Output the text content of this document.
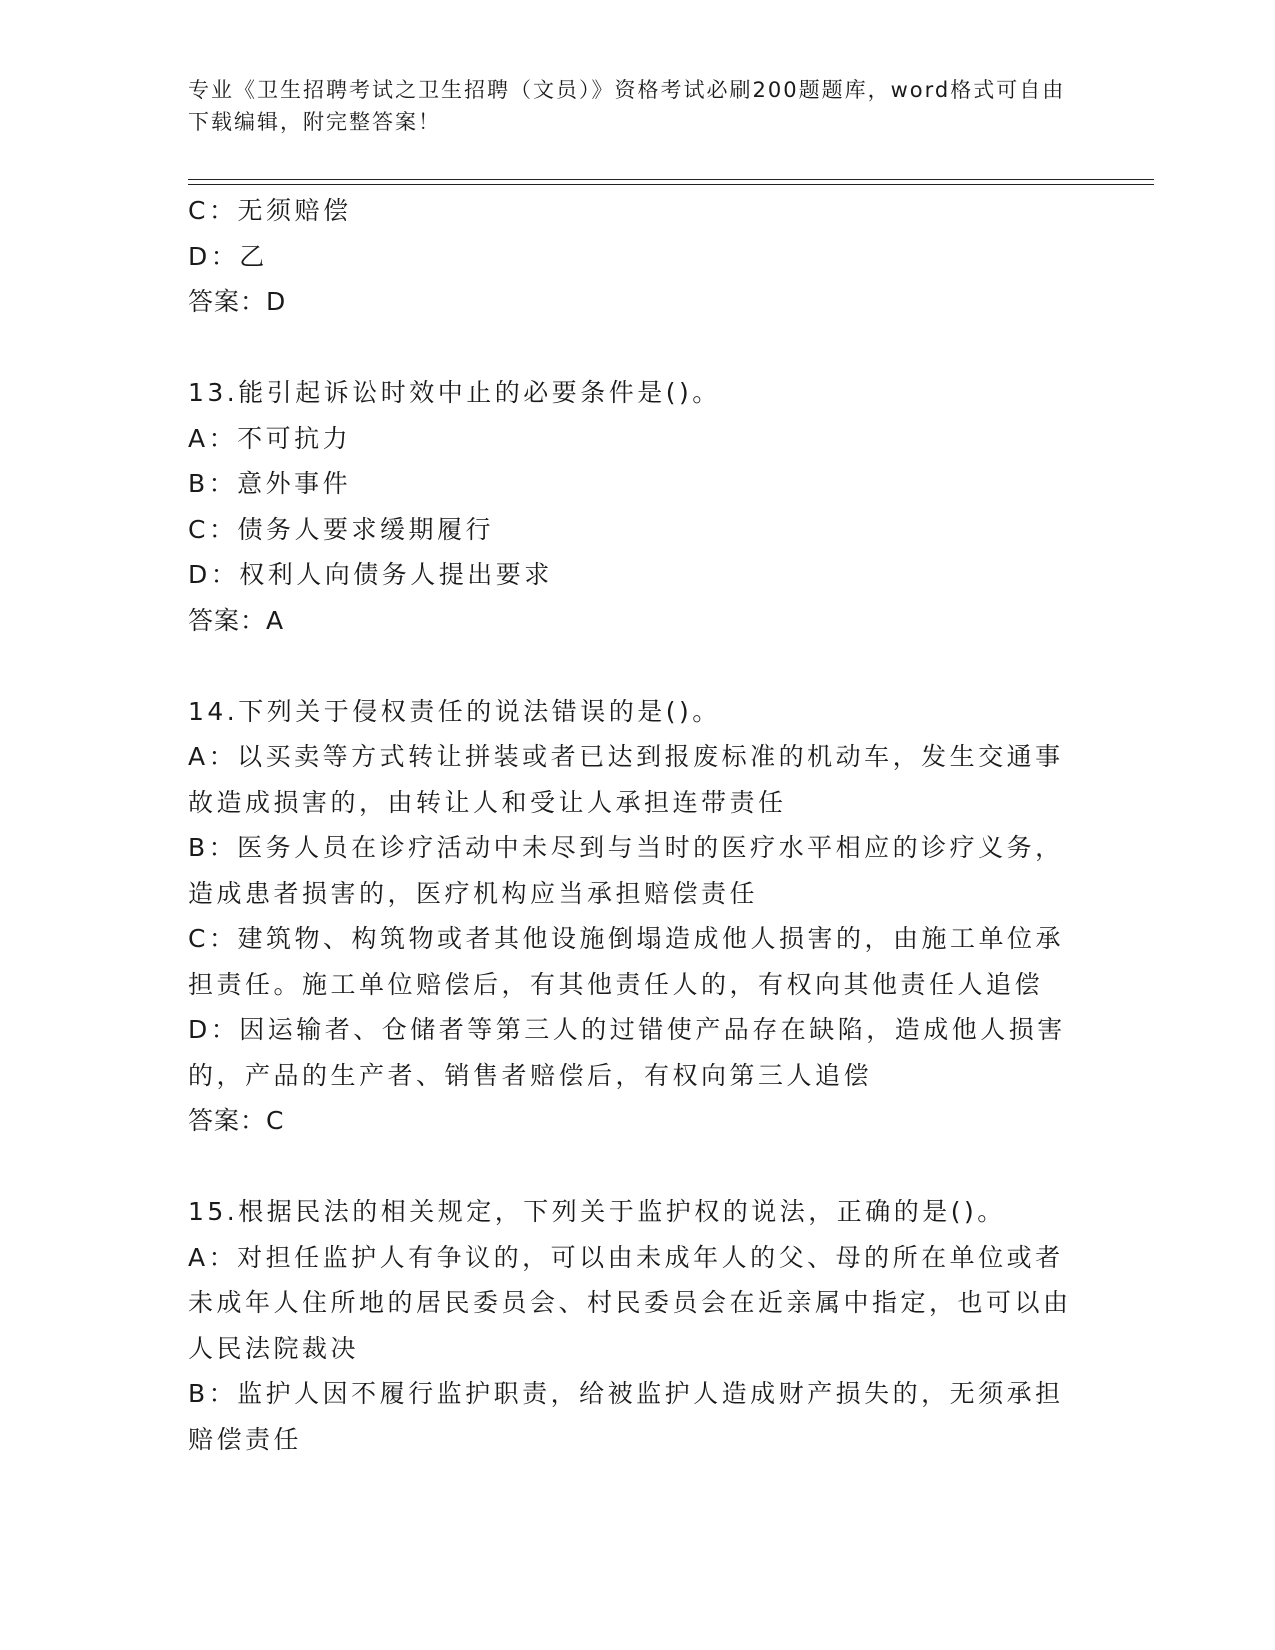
专业《卫生招聘考试之卫生招聘（文员）》资格考试必刷200题题库，word格式可自由下载编辑，附完整答案！

C：无须赔偿

D：乙

答案：D

13.能引起诉讼时效中止的必要条件是()。

A：不可抗力

B：意外事件

C：债务人要求缓期履行

D：权利人向债务人提出要求

答案：A

14.下列关于侵权责任的说法错误的是()。

A：以买卖等方式转让拼装或者已达到报废标准的机动车，发生交通事故造成损害的，由转让人和受让人承担连带责任

B：医务人员在诊疗活动中未尽到与当时的医疗水平相应的诊疗义务，造成患者损害的，医疗机构应当承担赔偿责任

C：建筑物、构筑物或者其他设施倒塌造成他人损害的，由施工单位承担责任。施工单位赔偿后，有其他责任人的，有权向其他责任人追偿

D：因运输者、仓储者等第三人的过错使产品存在缺陷，造成他人损害的，产品的生产者、销售者赔偿后，有权向第三人追偿

答案：C

15.根据民法的相关规定，下列关于监护权的说法，正确的是()。

A：对担任监护人有争议的，可以由未成年人的父、母的所在单位或者未成年人住所地的居民委员会、村民委员会在近亲属中指定，也可以由人民法院裁决

B：监护人因不履行监护职责，给被监护人造成财产损失的，无须承担赔偿责任
